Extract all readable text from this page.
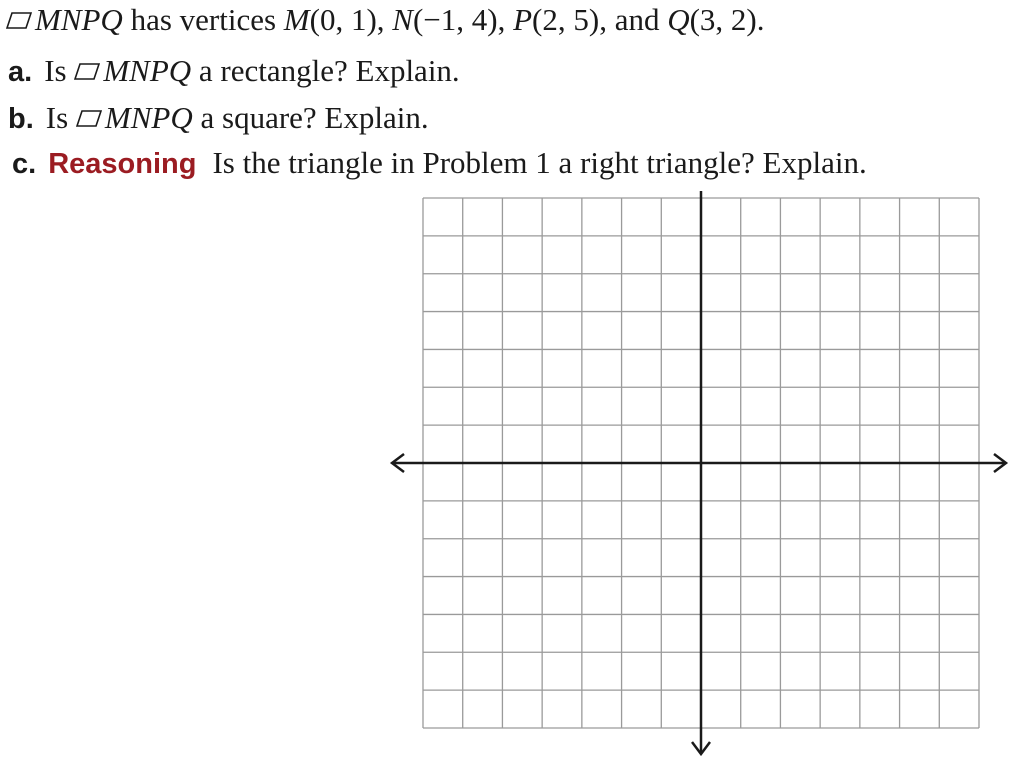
MNPQ has vertices M(0, 1), N(−1, 4), P(2, 5), and Q(3, 2).
a. Is
MNPQ a rectangle? Explain.
b. Is
MNPQ a square? Explain.
c. Reasoning Is the triangle in Problem 1 a right triangle? Explain.
